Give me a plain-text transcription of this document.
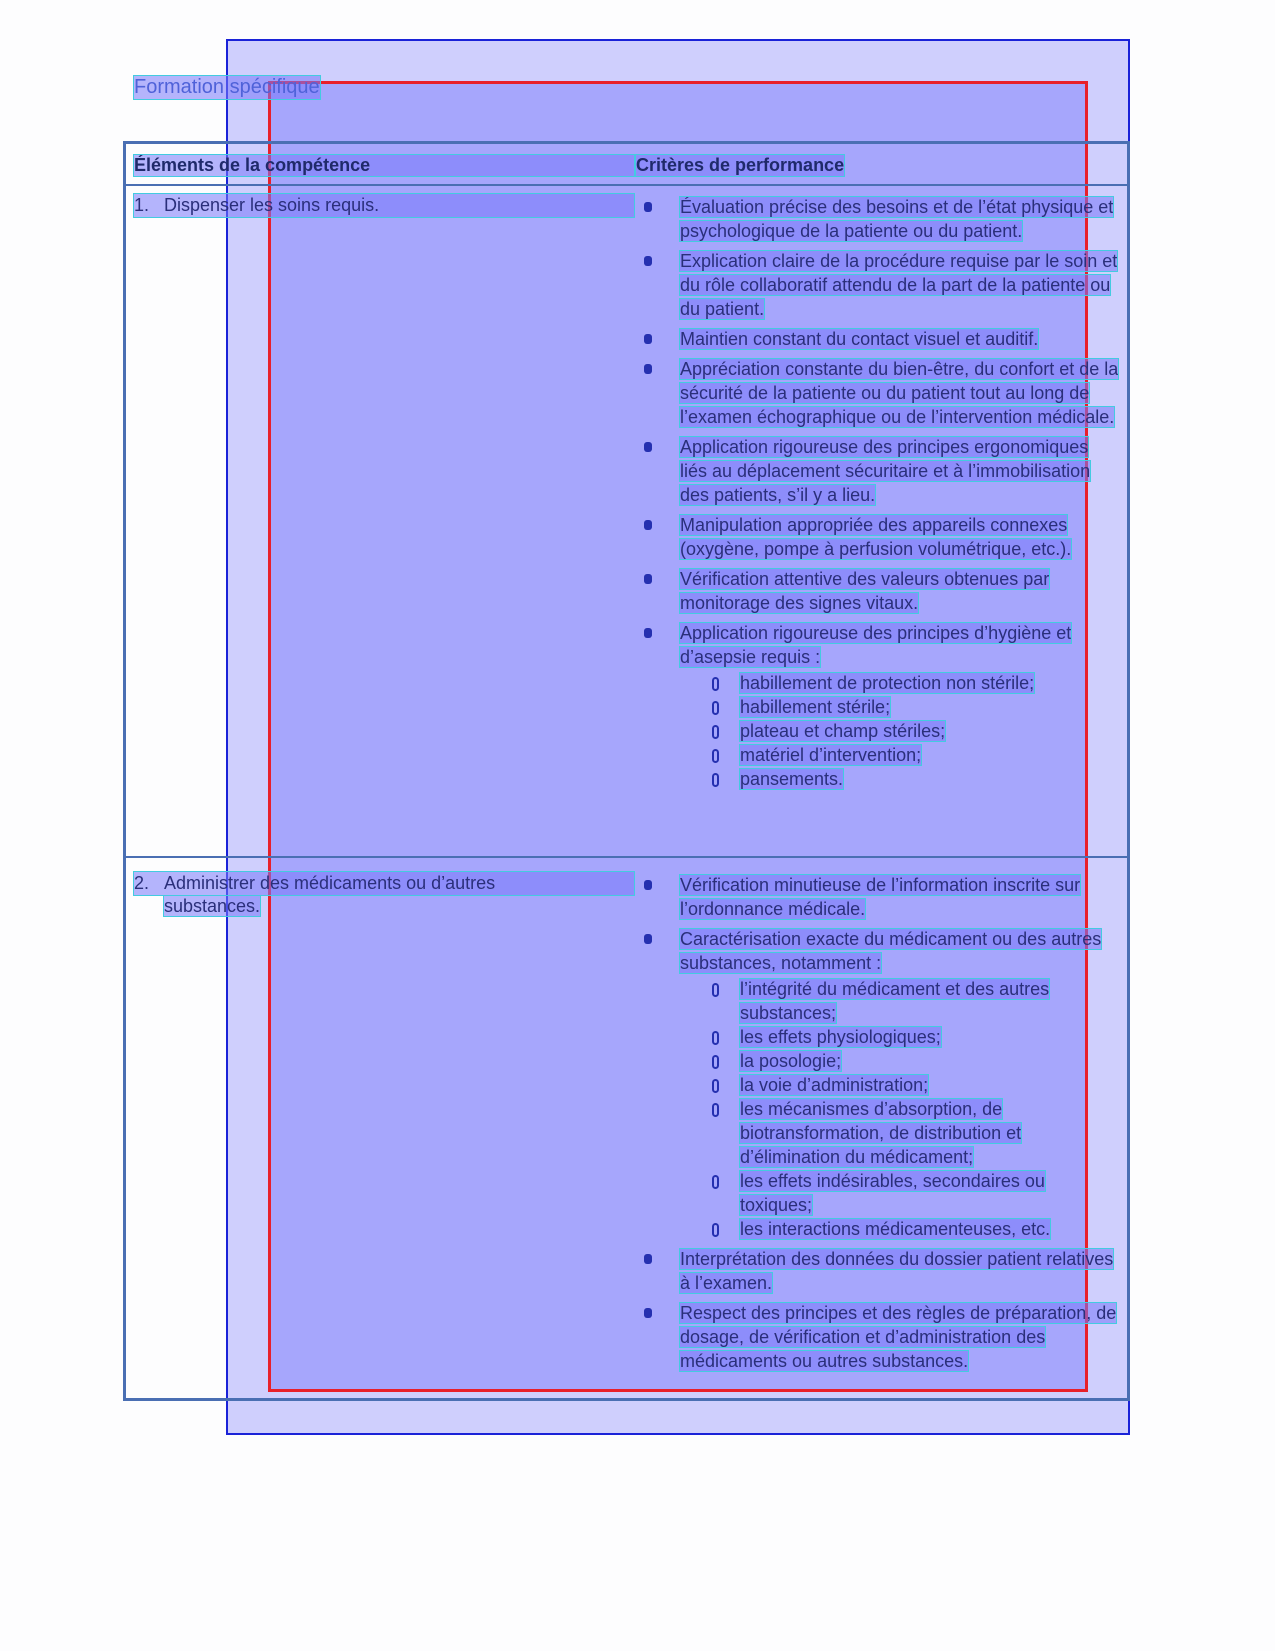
Formation spécifique
Éléments de la compétence	Critères de performance
1. Dispenser les soins requis.	Évaluation précise des besoins et de l’état physique et psychologique de la patiente ou du patient.
Explication claire de la procédure requise par le soin et du rôle collaboratif attendu de la part de la patiente ou du patient.
Maintien constant du contact visuel et auditif.
Appréciation constante du bien-être, du confort et de la sécurité de la patiente ou du patient tout au long de l’examen échographique ou de l’intervention médicale.
Application rigoureuse des principes ergonomiques liés au déplacement sécuritaire et à l’immobilisation des patients, s’il y a lieu.
Manipulation appropriée des appareils connexes (oxygène, pompe à perfusion volumétrique, etc.).
Vérification attentive des valeurs obtenues par monitorage des signes vitaux.
Application rigoureuse des principes d’hygiène et d’asepsie requis :
habillement de protection non stérile;
habillement stérile;
plateau et champ stériles;
matériel d’intervention;
pansements.
2. Administrer des médicaments ou d’autres
substances.
Vérification minutieuse de l’information inscrite sur l’ordonnance médicale.
Caractérisation exacte du médicament ou des autres substances, notamment :
l’intégrité du médicament et des autres substances;
les effets physiologiques;
la posologie;
la voie d’administration;
les mécanismes d’absorption, de biotransformation, de distribution et d’élimination du médicament;
les effets indésirables, secondaires ou toxiques;
les interactions médicamenteuses, etc.
Interprétation des données du dossier patient relatives à l’examen.
Respect des principes et des règles de préparation, de dosage, de vérification et d’administration des médicaments ou autres substances.
